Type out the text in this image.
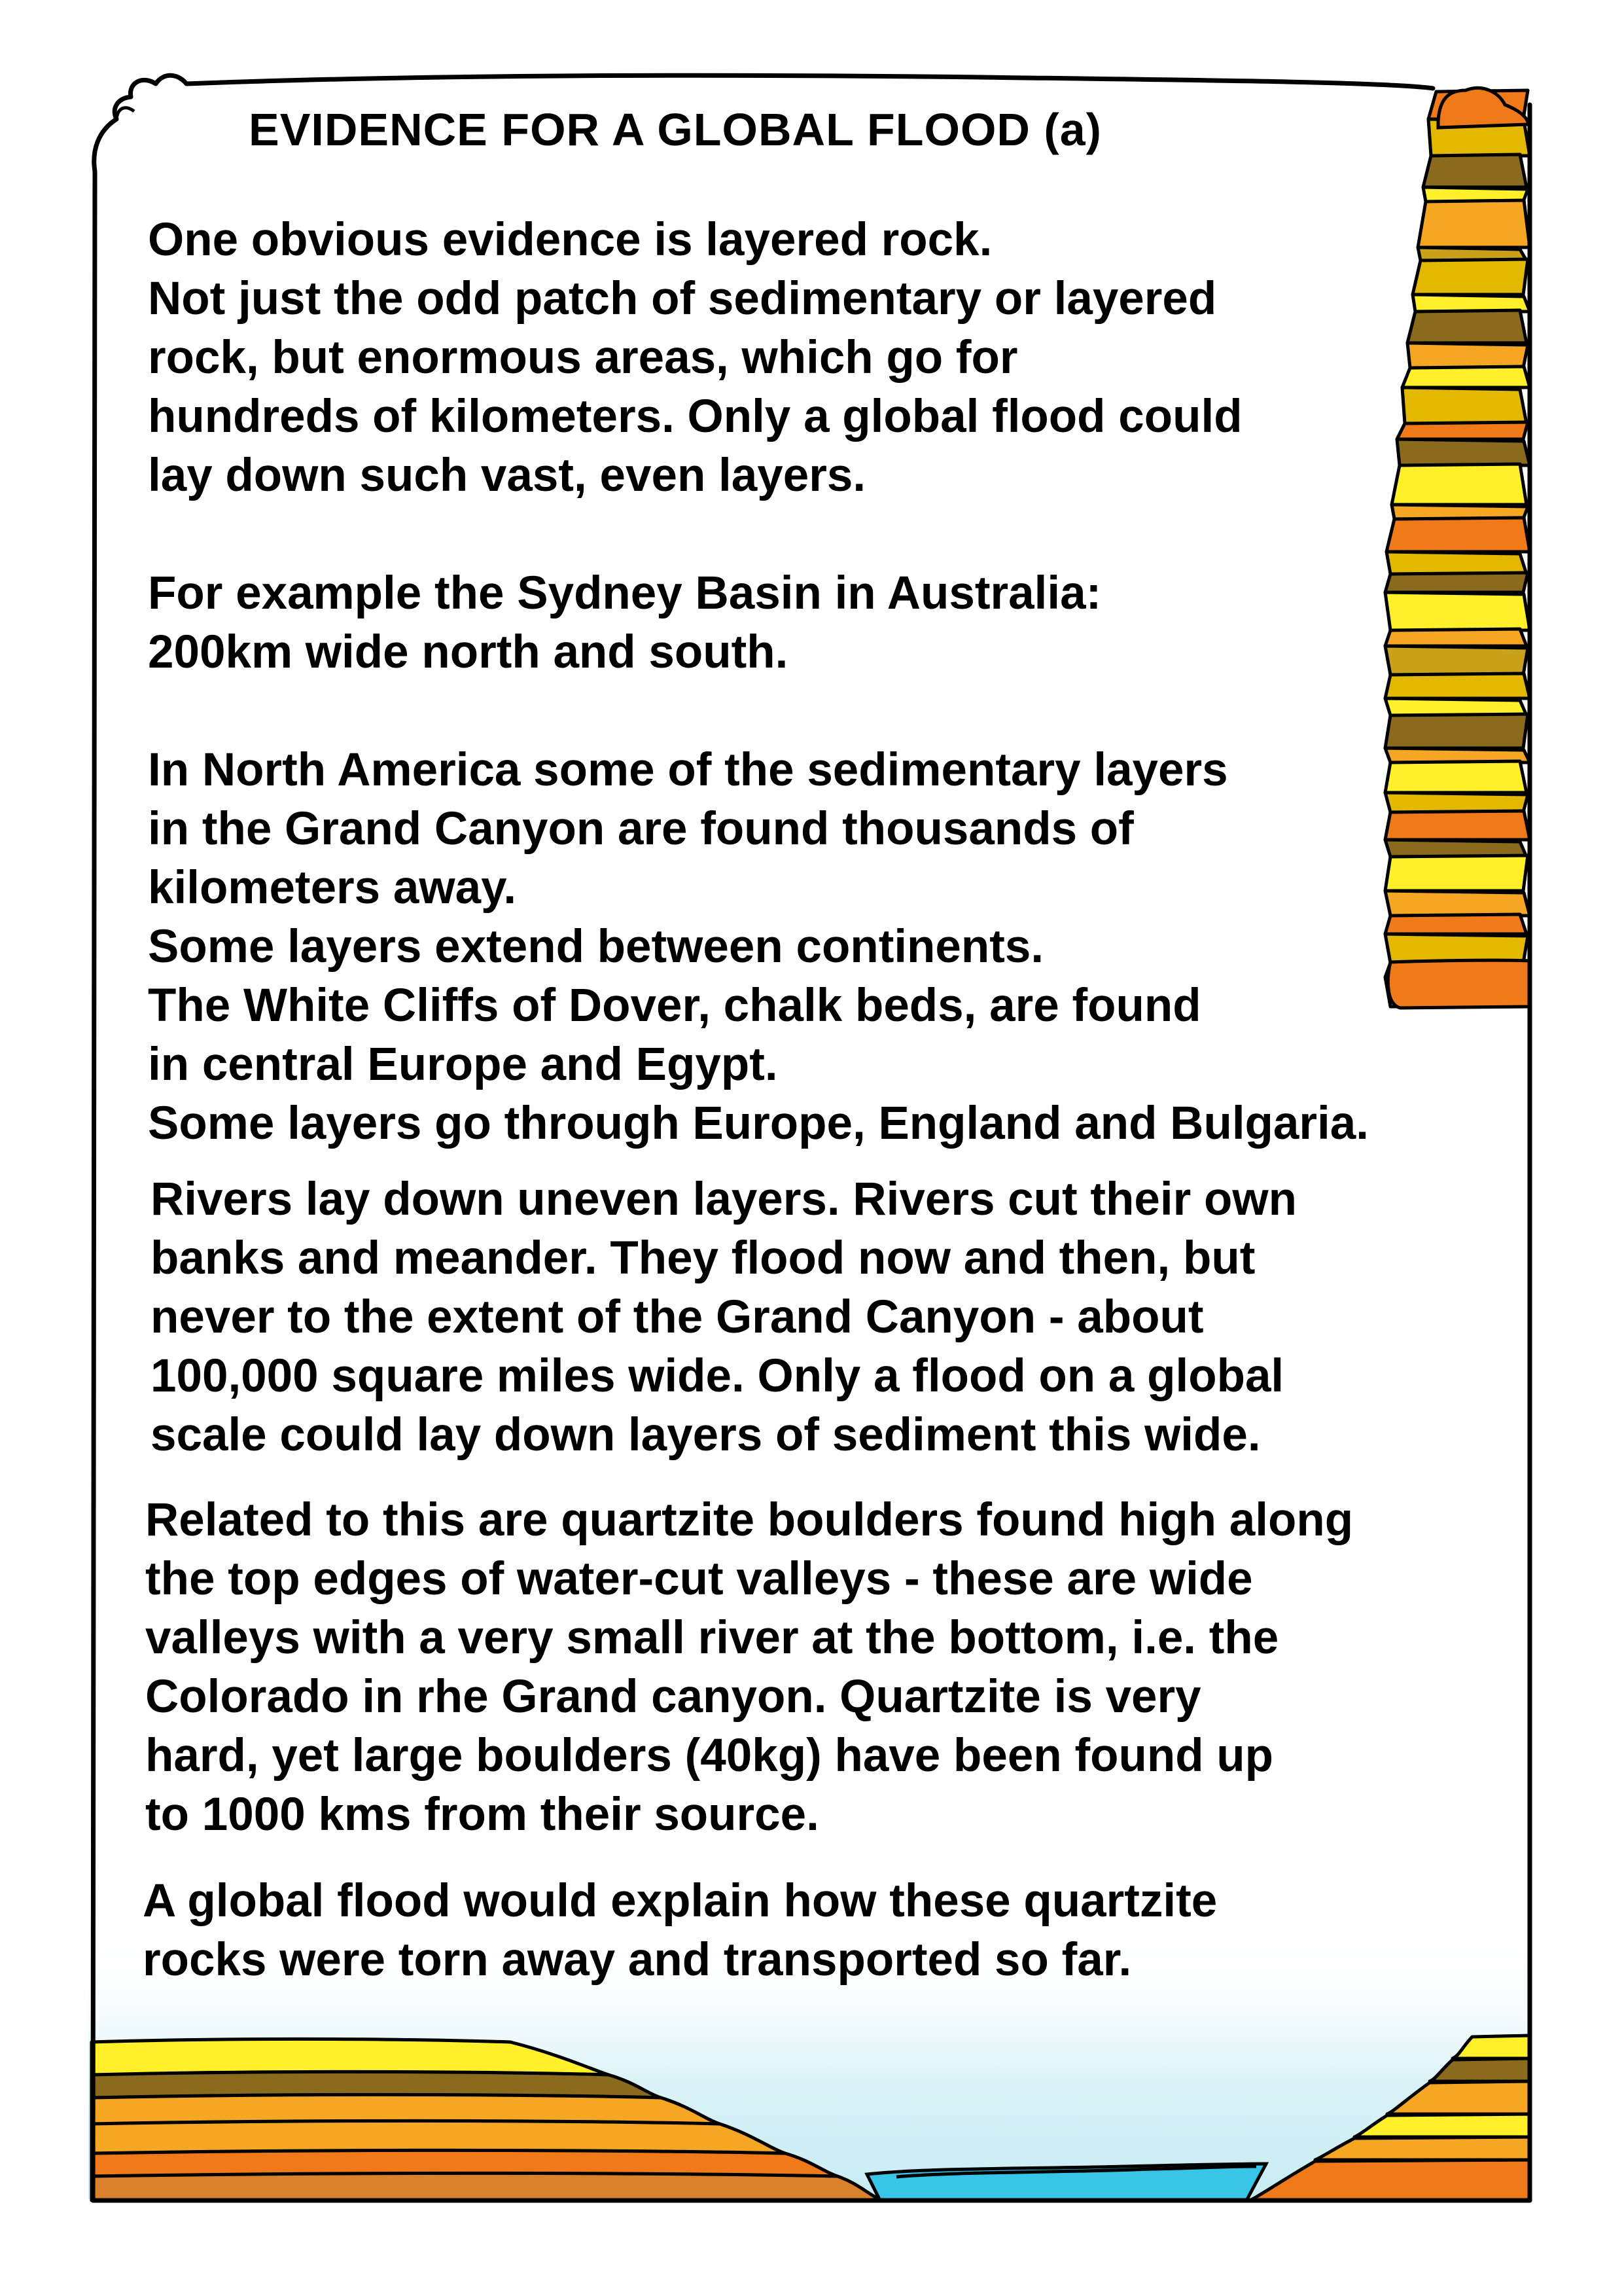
EVIDENCE FOR A GLOBAL FLOOD (a)
One obvious evidence is layered rock.
Not just the odd patch of sedimentary or layered
rock, but enormous areas, which go for
hundreds of kilometers. Only a global flood could
lay down such vast, even layers.
For example the Sydney Basin in Australia:
200km wide north and south.
In North America some of the sedimentary layers
in the Grand Canyon are found thousands of
kilometers away.
Some layers extend between continents.
The White Cliffs of Dover, chalk beds, are found
in central Europe and Egypt.
Some layers go through Europe, England and Bulgaria.
Rivers lay down uneven layers. Rivers cut their own
banks and meander. They flood now and then, but
never to the extent of the Grand Canyon - about
100,000 square miles wide. Only a flood on a global
scale could lay down layers of sediment this wide.
Related to this are quartzite boulders found high along
the top edges of water-cut valleys - these are wide
valleys with a very small river at the bottom, i.e. the
Colorado in rhe Grand canyon. Quartzite is very
hard, yet large boulders (40kg) have been found up
to 1000 kms from their source.
A global flood would explain how these quartzite
rocks were torn away and transported so far.
